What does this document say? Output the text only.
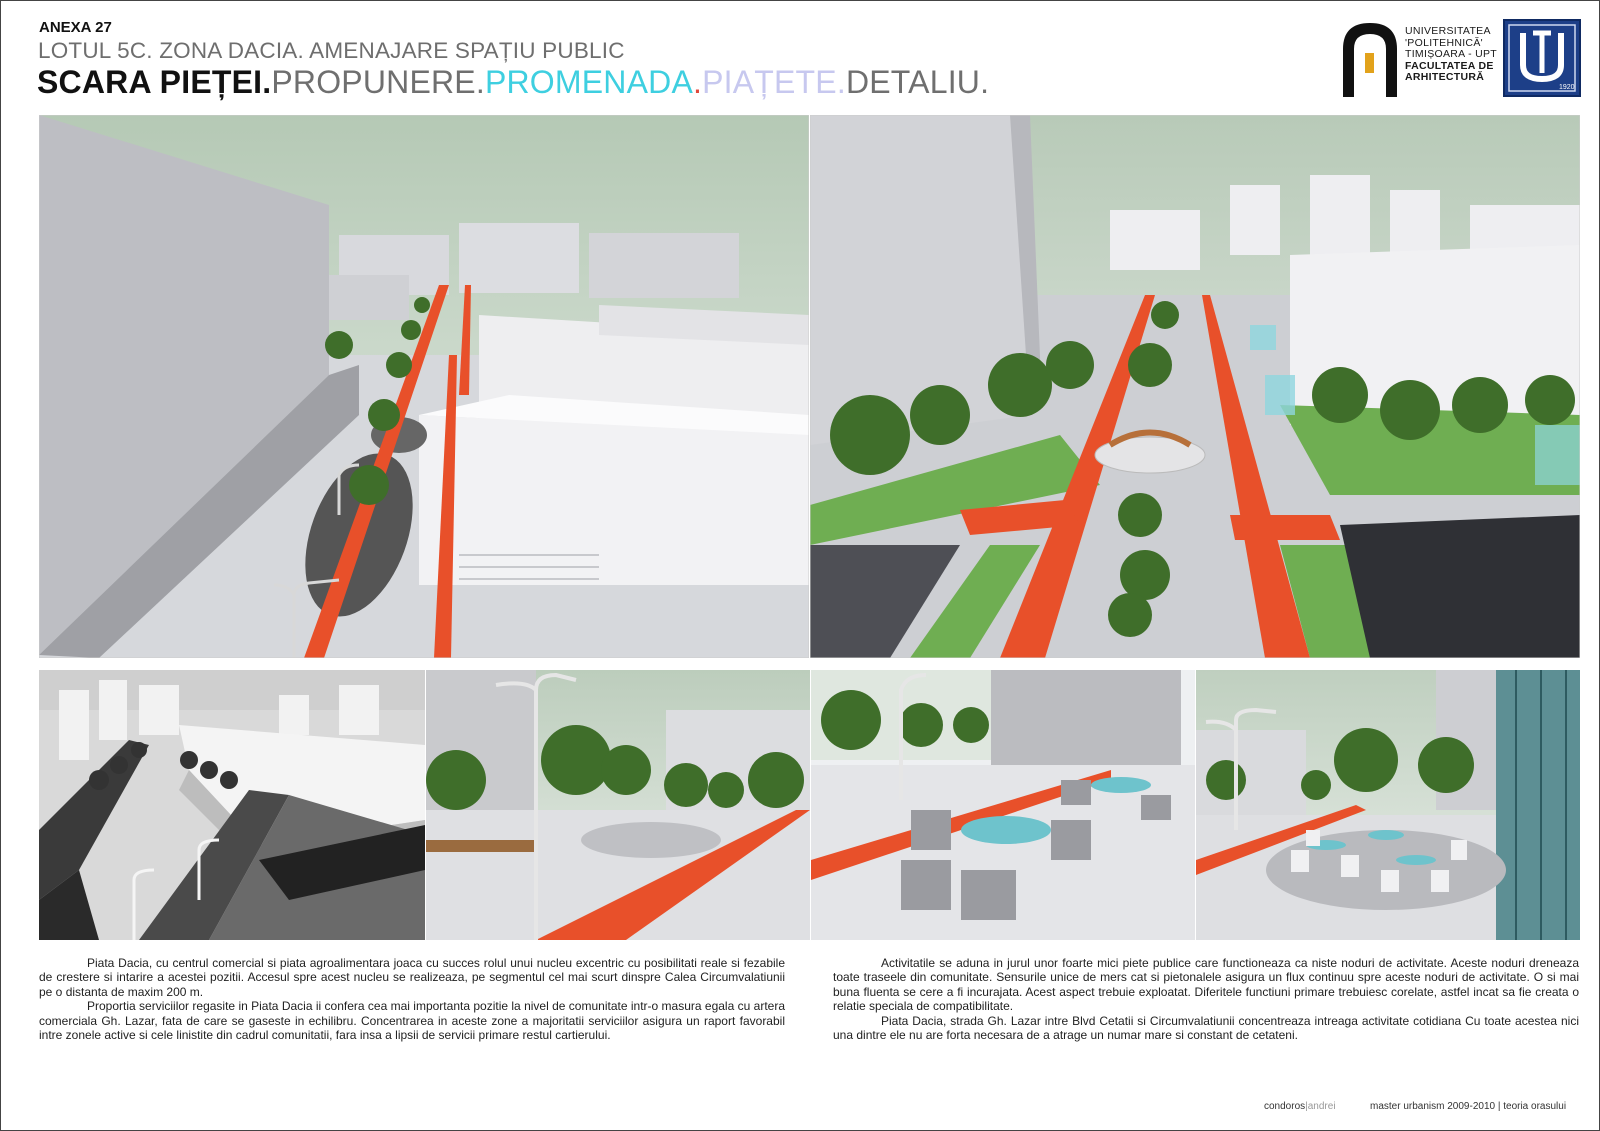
ANEXA 27
LOTUL 5C. ZONA DACIA. AMENAJARE SPAȚIU PUBLIC
SCARA PIEȚEI.PROPUNERE.PROMENADA.PIAȚETE.DETALIU.
UNIVERSITATEA
'POLITEHNICĂ'
TIMIȘOARA - UPT
FACULTATEA DE
ARHITECTURĂ
1920

Piata Dacia, cu centrul comercial si piata agroalimentara joaca cu succes rolul unui nucleu excentric cu posibilitati reale si fezabile de crestere si intarire a acestei pozitii. Accesul spre acest nucleu se realizeaza, pe segmentul cel mai scurt dinspre Calea Circumvalatiunii pe o distanta de maxim 200 m.

Proportia serviciilor regasite in Piata Dacia ii confera cea mai importanta pozitie la nivel de comunitate intr-o masura egala cu artera comerciala Gh. Lazar, fata de care se gaseste in echilibru. Concentrarea in aceste zone a majoritatii serviciilor asigura un raport favorabil intre zonele active si cele linistite din cadrul comunitatii, fara insa a lipsii de servicii primare restul cartierului.

Activitatile se aduna in jurul unor foarte mici piete publice care functioneaza ca niste noduri de activitate. Aceste noduri dreneaza toate traseele din comunitate. Sensurile unice de mers cat si pietonalele asigura un flux continuu spre aceste noduri de activitate. O si mai buna fluenta se cere a fi incurajata. Acest aspect trebuie exploatat. Diferitele functiuni primare trebuiesc corelate, astfel incat sa fie creata o relatie speciala de compatibilitate.

Piata Dacia, strada Gh. Lazar intre Blvd Cetatii si Circumvalatiunii concentreaza intreaga activitate cotidiana Cu toate acestea nici una dintre ele nu are forta necesara de a atrage un numar mare si constant de cetateni.

condoros|andrei	master urbanism 2009-2010 | teoria orasului
